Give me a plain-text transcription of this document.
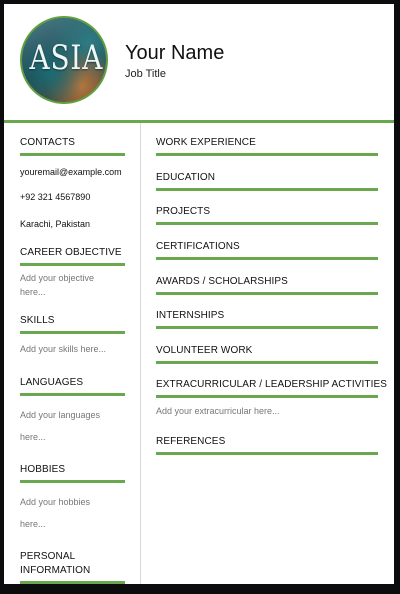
ASIA Your Name
Job Title
CONTACTS
youremail@example.com
+92 321 4567890
Karachi, Pakistan
CAREER OBJECTIVE
Add your objective
here...
SKILLS
Add your skills here...
LANGUAGES
Add your languages
here...
HOBBIES
Add your hobbies
here...
PERSONAL
INFORMATION
WORK EXPERIENCE
EDUCATION
PROJECTS
CERTIFICATIONS
AWARDS / SCHOLARSHIPS
INTERNSHIPS
VOLUNTEER WORK
EXTRACURRICULAR / LEADERSHIP ACTIVITIES
Add your extracurricular here...
REFERENCES
